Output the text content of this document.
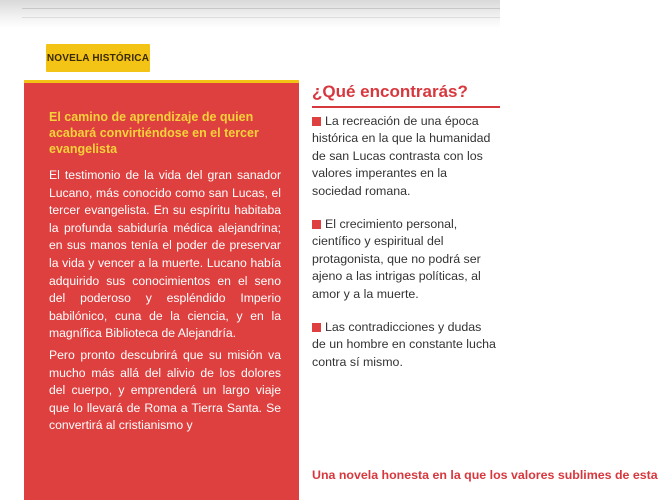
NOVELA HISTÓRICA
El camino de aprendizaje de quien acabará convirtiéndose en el tercer evangelista

El testimonio de la vida del gran sanador Lucano, más conocido como san Lucas, el tercer evangelista. En su espíritu habitaba la profunda sabiduría médica alejandrina; en sus manos tenía el poder de preservar la vida y vencer a la muerte. Lucano había adquirido sus conocimientos en el seno del poderoso y espléndido Imperio babilónico, cuna de la ciencia, y en la magnífica Biblioteca de Alejandría.

Pero pronto descubrirá que su misión va mucho más allá del alivio de los dolores del cuerpo, y emprenderá un largo viaje que lo llevará de Roma a Tierra Santa. Se convertirá al cristianismo y

¿Qué encontrarás?
La recreación de una época histórica en la que la humanidad de san Lucas contrasta con los valores imperantes en la sociedad romana.
El crecimiento personal, científico y espiritual del protagonista, que no podrá ser ajeno a las intrigas políticas, al amor y a la muerte.
Las contradicciones y dudas de un hombre en constante lucha contra sí mismo.
Una novela honesta en la que los valores sublimes de esta
